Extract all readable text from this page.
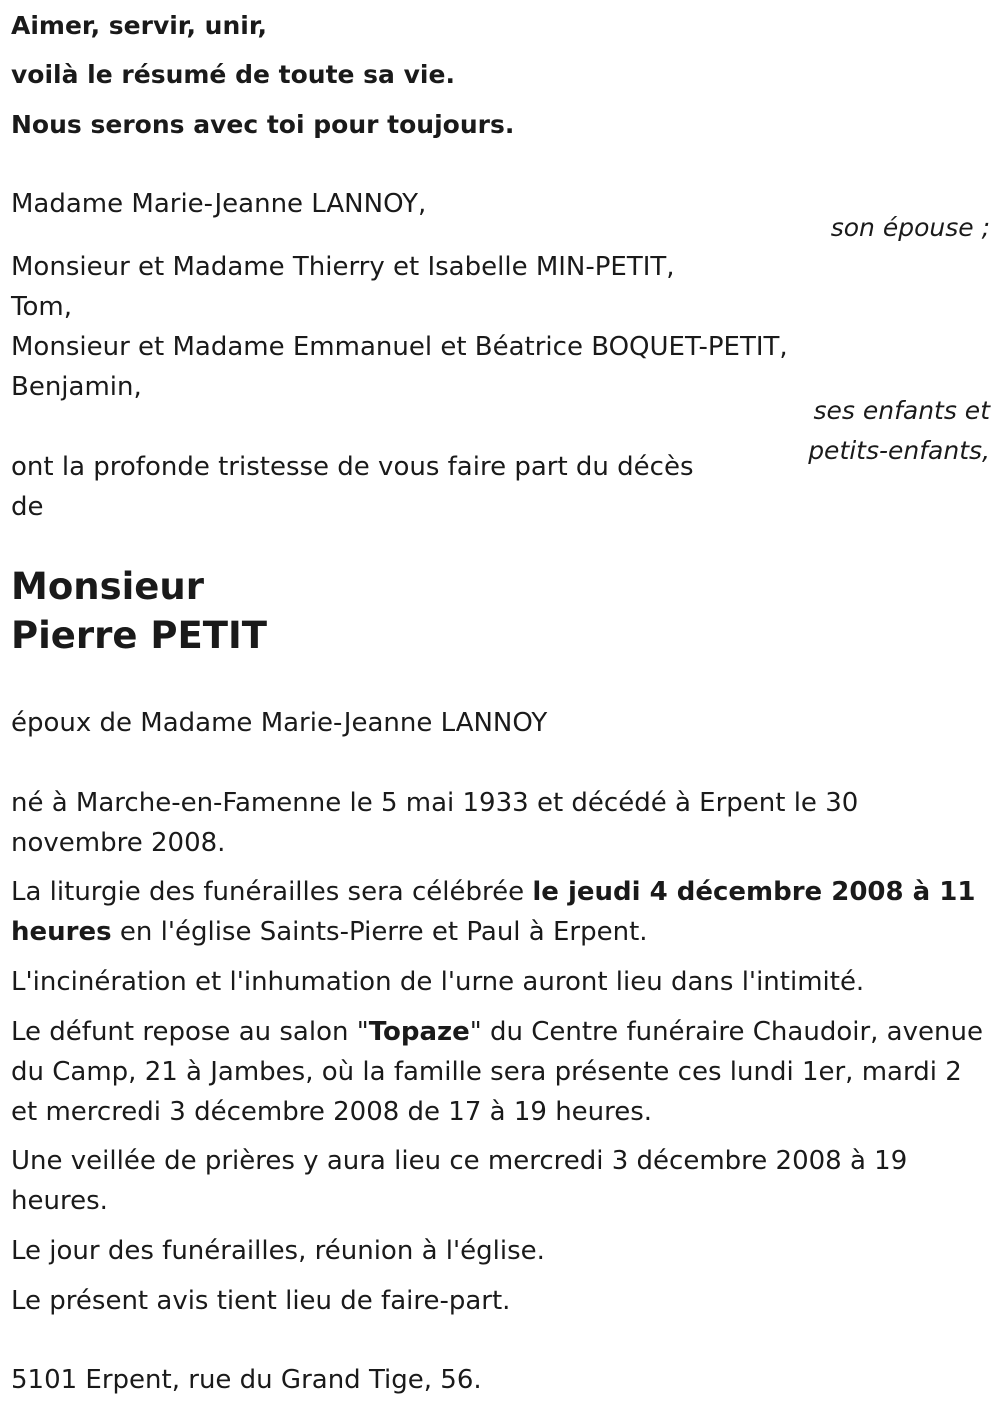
Aimer, servir, unir,
voilà le résumé de toute sa vie.
Nous serons avec toi pour toujours.
Madame Marie-Jeanne LANNOY,
son épouse ;
Monsieur et Madame Thierry et Isabelle MIN-PETIT,
Tom,
Monsieur et Madame Emmanuel et Béatrice BOQUET-PETIT,
Benjamin,
ses enfants et
petits-enfants,
ont la profonde tristesse de vous faire part du décès
de
Monsieur
Pierre PETIT
époux de Madame Marie-Jeanne LANNOY
né à Marche-en-Famenne le 5 mai 1933 et décédé à Erpent le 30
novembre 2008.
La liturgie des funérailles sera célébrée le jeudi 4 décembre 2008 à 11
heures en l'église Saints-Pierre et Paul à Erpent.
L'incinération et l'inhumation de l'urne auront lieu dans l'intimité.
Le défunt repose au salon "Topaze" du Centre funéraire Chaudoir, avenue
du Camp, 21 à Jambes, où la famille sera présente ces lundi 1er, mardi 2
et mercredi 3 décembre 2008 de 17 à 19 heures.
Une veillée de prières y aura lieu ce mercredi 3 décembre 2008 à 19
heures.
Le jour des funérailles, réunion à l'église.
Le présent avis tient lieu de faire-part.
5101 Erpent, rue du Grand Tige, 56.
